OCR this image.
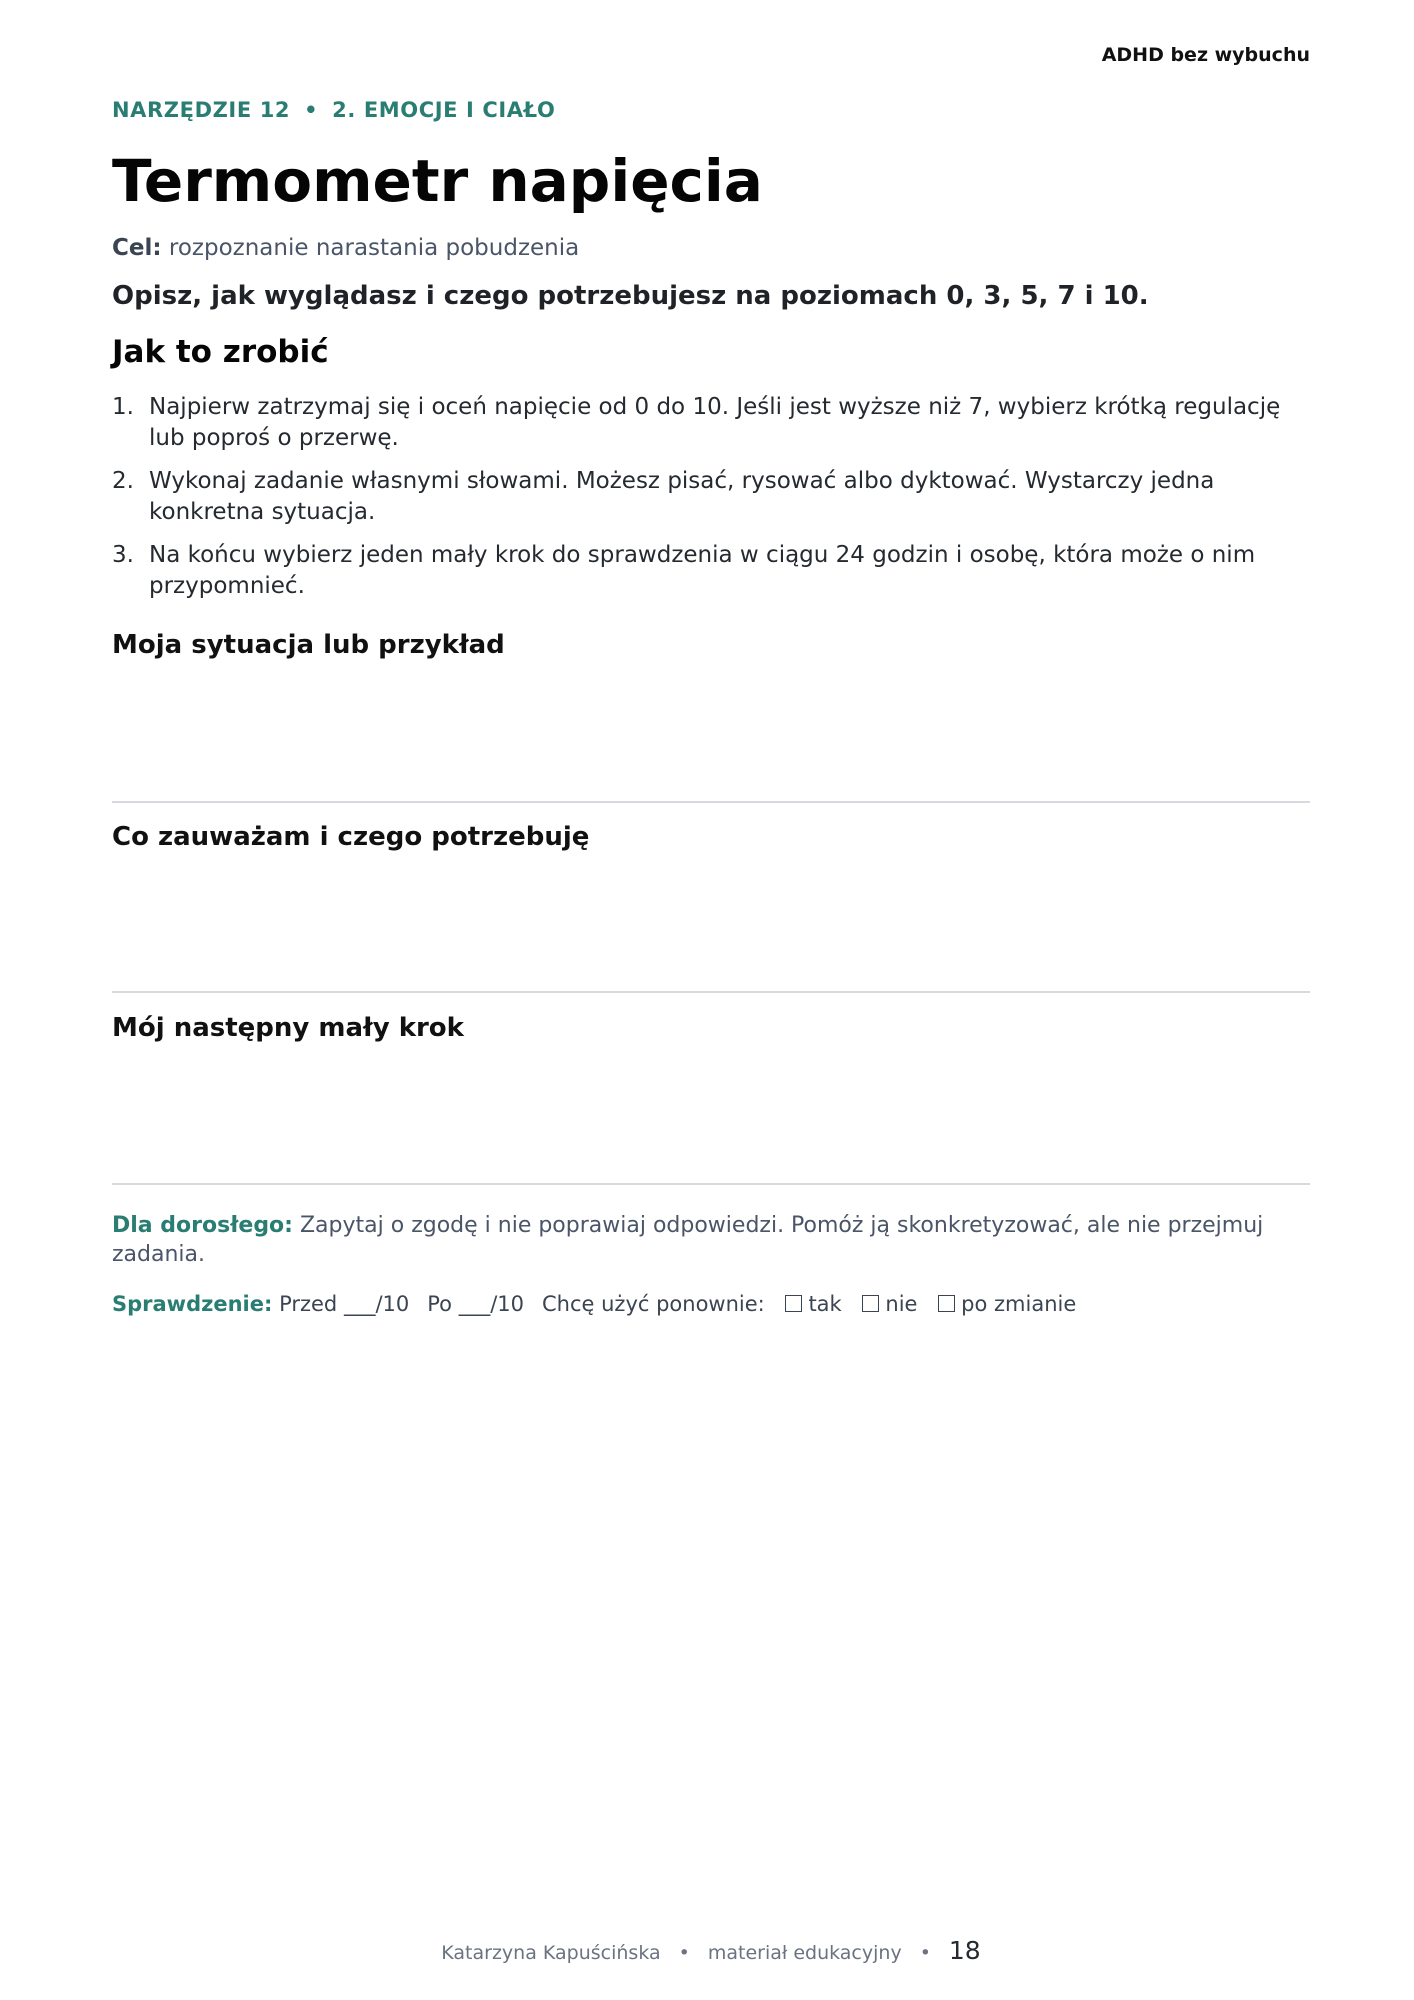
ADHD bez wybuchu
NARZĘDZIE 12 • 2. EMOCJE I CIAŁO
Termometr napięcia
Cel: rozpoznanie narastania pobudzenia
Opisz, jak wyglądasz i czego potrzebujesz na poziomach 0, 3, 5, 7 i 10.
Jak to zrobić
1. Najpierw zatrzymaj się i oceń napięcie od 0 do 10. Jeśli jest wyższe niż 7, wybierz krótką regulację lub poproś o przerwę.
2. Wykonaj zadanie własnymi słowami. Możesz pisać, rysować albo dyktować. Wystarczy jedna konkretna sytuacja.
3. Na końcu wybierz jeden mały krok do sprawdzenia w ciągu 24 godzin i osobę, która może o nim przypomnieć.
Moja sytuacja lub przykład
Co zauważam i czego potrzebuję
Mój następny mały krok
Dla dorosłego: Zapytaj o zgodę i nie poprawiaj odpowiedzi. Pomóż ją skonkretyzować, ale nie przejmuj zadania.
Sprawdzenie: Przed ___/10 Po ___/10 Chcę użyć ponownie: tak nie po zmianie
Katarzyna Kapuścińska • materiał edukacyjny • 18
